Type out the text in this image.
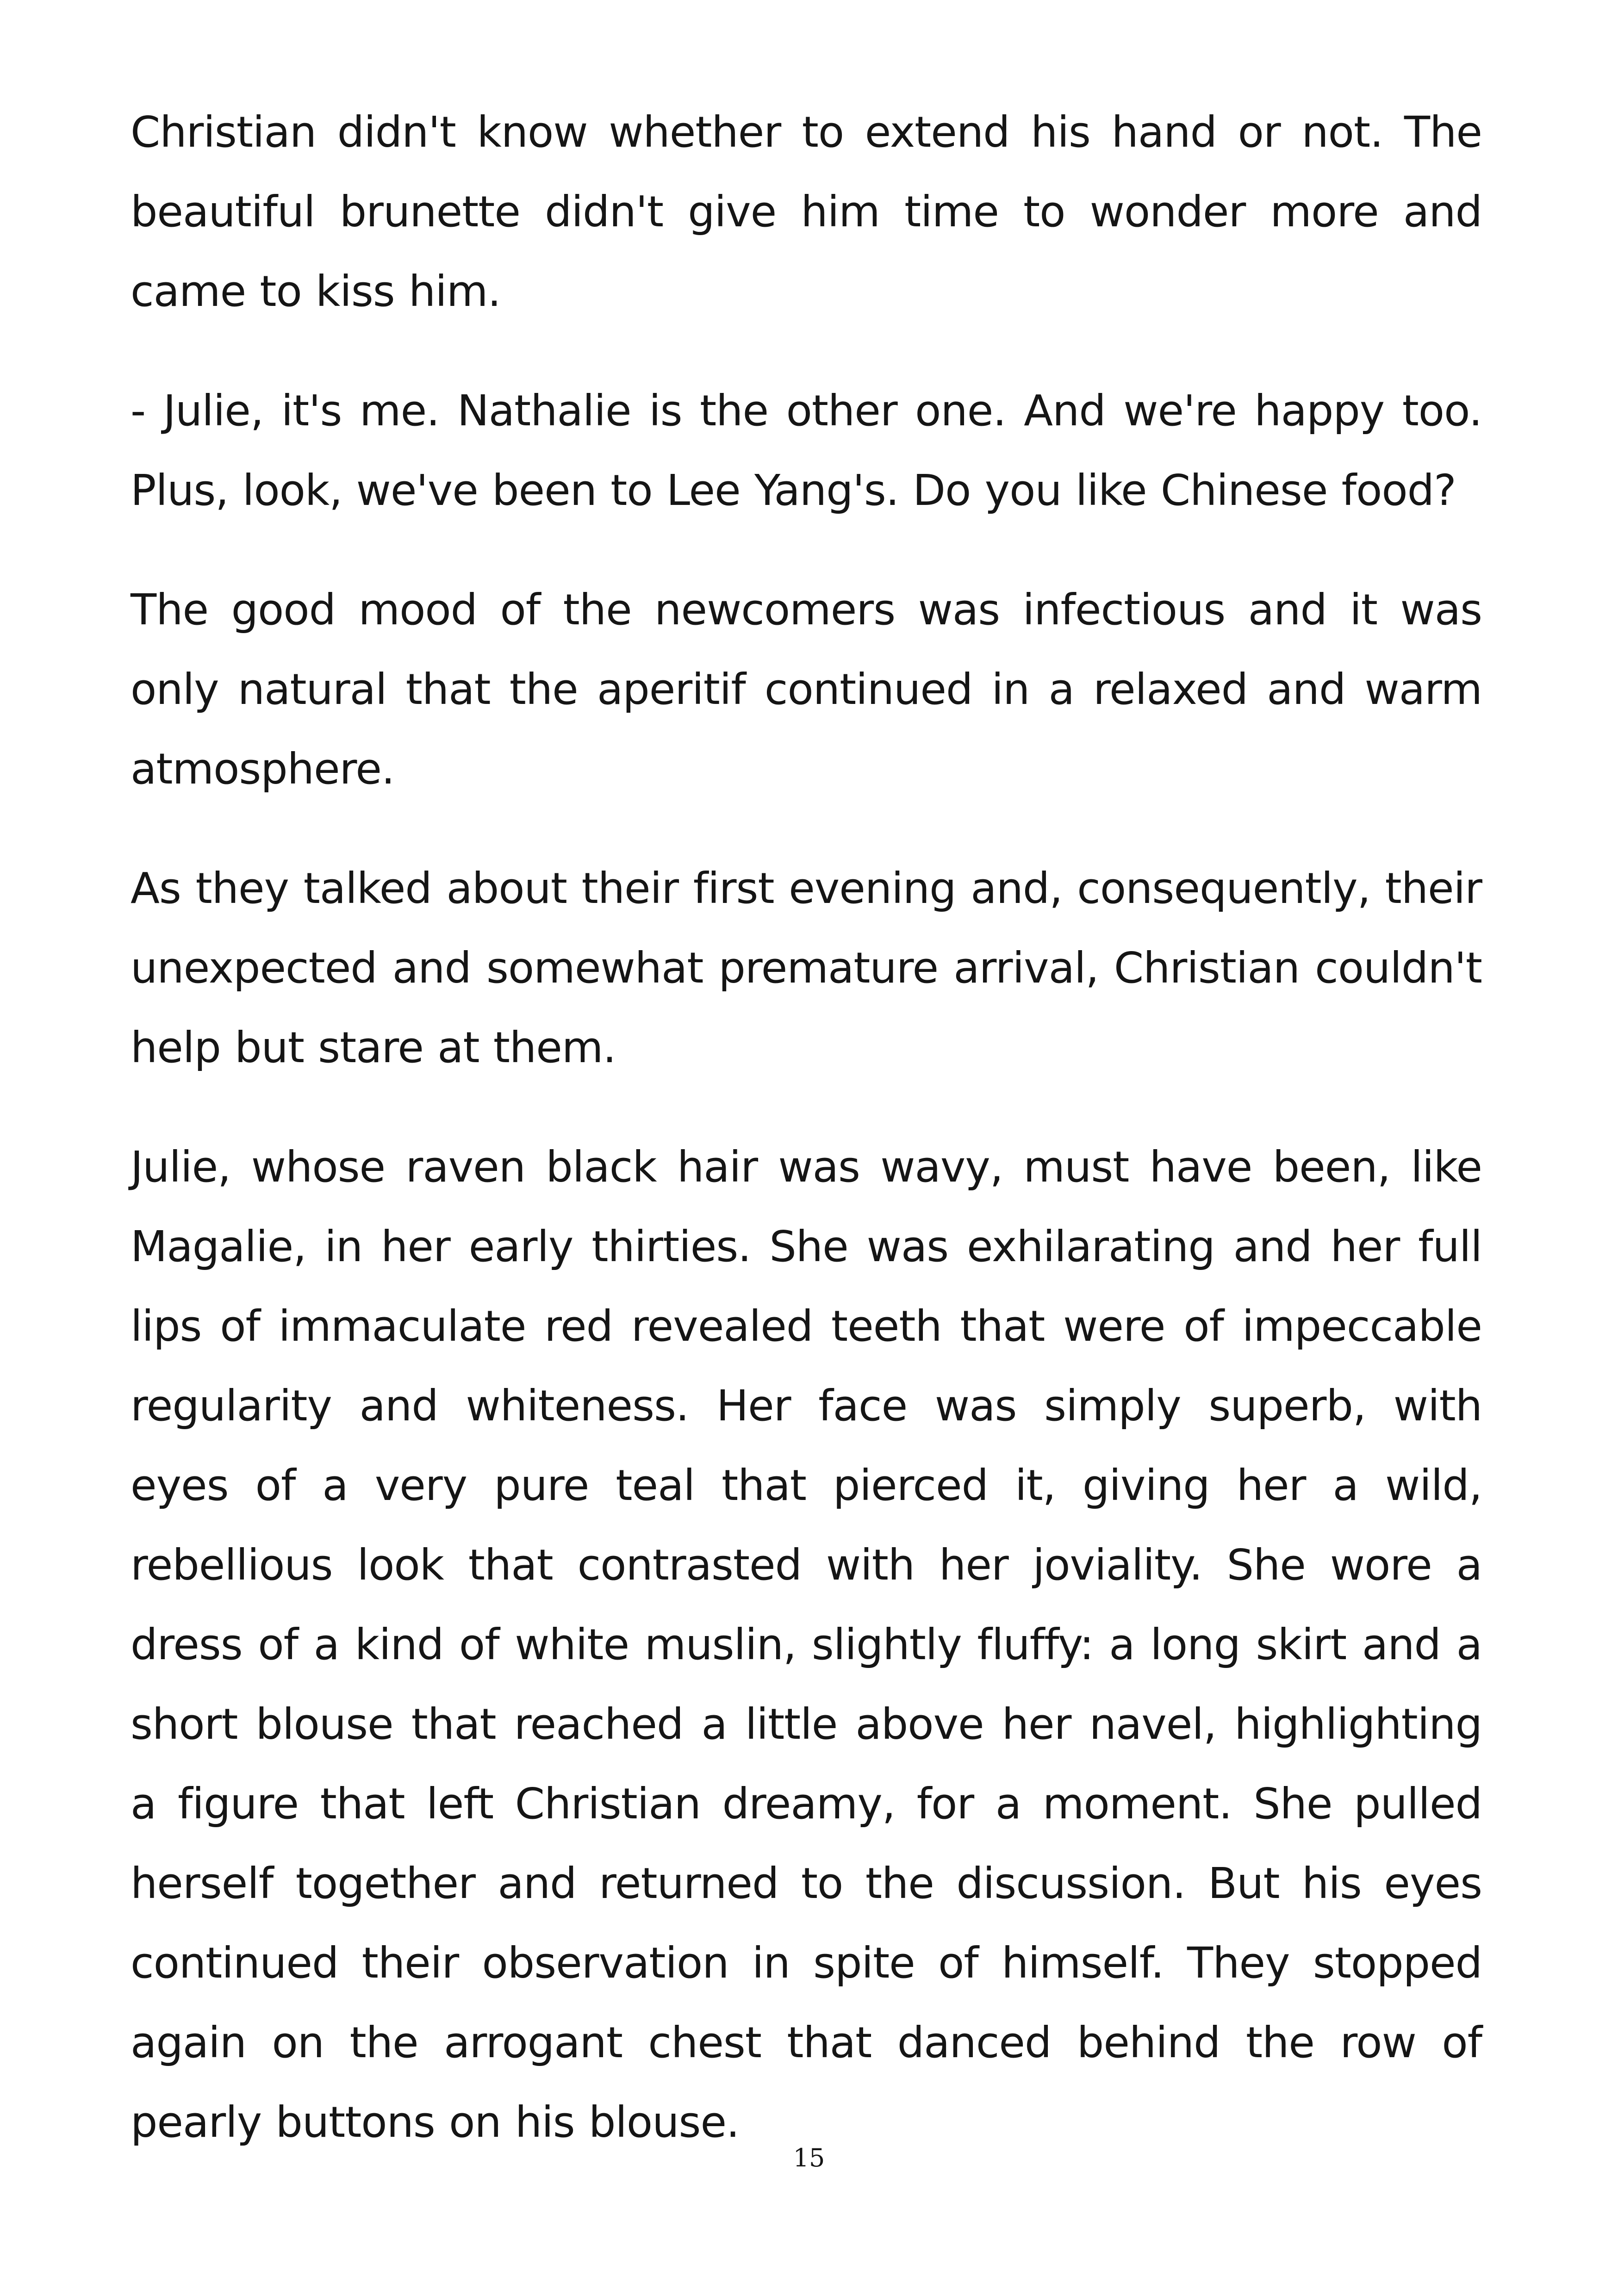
Christian didn't know whether to extend his hand or not. The beautiful brunette didn't give him time to wonder more and came to kiss him.

- Julie, it's me. Nathalie is the other one. And we're happy too. Plus, look, we've been to Lee Yang's. Do you like Chinese food?

The good mood of the newcomers was infectious and it was only natural that the aperitif continued in a relaxed and warm atmosphere.

As they talked about their first evening and, consequently, their unexpected and somewhat premature arrival, Christian couldn't help but stare at them.

Julie, whose raven black hair was wavy, must have been, like Magalie, in her early thirties. She was exhilarating and her full lips of immaculate red revealed teeth that were of impeccable regularity and whiteness. Her face was simply superb, with eyes of a very pure teal that pierced it, giving her a wild, rebellious look that contrasted with her joviality. She wore a dress of a kind of white muslin, slightly fluffy: a long skirt and a short blouse that reached a little above her navel, highlighting a figure that left Christian dreamy, for a moment. She pulled herself together and returned to the discussion. But his eyes continued their observation in spite of himself. They stopped again on the arrogant chest that danced behind the row of pearly buttons on his blouse.

15
